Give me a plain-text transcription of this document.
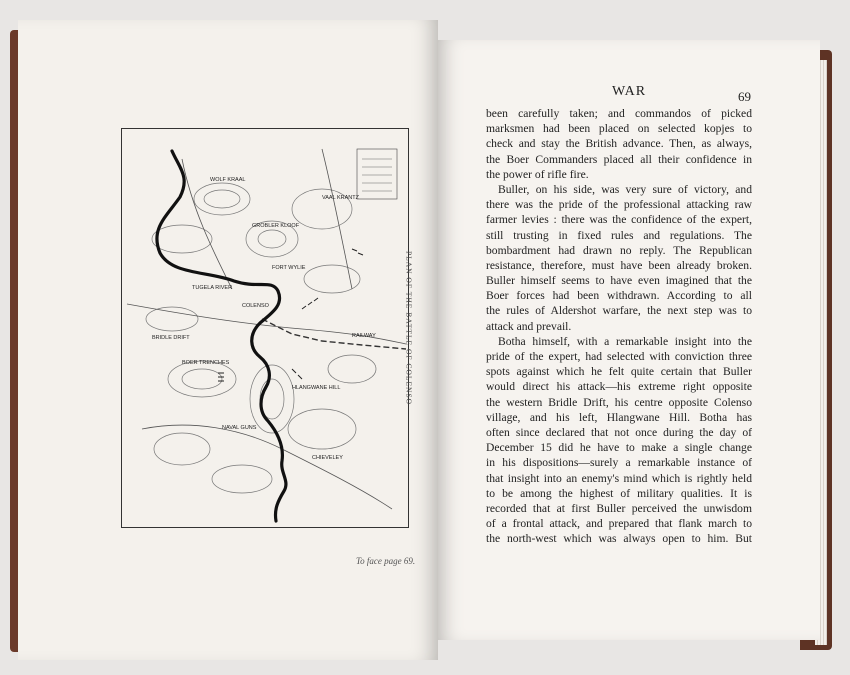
WOLF KRAAL
GROBLER KLOOF
VAAL KRANTZ
FORT WYLIE
COLENSO
BRIDLE DRIFT
HLANGWANE HILL
BOER TRENCHES
CHIEVELEY
TUGELA RIVER
NAVAL GUNS
RAILWAY	PLAN OF THE BATTLE OF COLENSO
To face page 69.
WAR	69
been carefully taken; and commandos of picked
marksmen had been placed on selected kopjes to
check and stay the British advance. Then, as always,
the Boer Commanders placed all their confidence in
the power of rifle fire.
Buller, on his side, was very sure of victory, and
there was the pride of the professional attacking raw
farmer levies : there was the confidence of the expert,
still trusting in fixed rules and regulations. The
bombardment had drawn no reply. The Republican
resistance, therefore, must have been already broken.
Buller himself seems to have even imagined that the
Boer forces had been withdrawn. According to all
the rules of Aldershot warfare, the next step was to
attack and prevail.
Botha himself, with a remarkable insight into the
pride of the expert, had selected with conviction three
spots against which he felt quite certain that Buller
would direct his attack—his extreme right opposite
the western Bridle Drift, his centre opposite Colenso
village, and his left, Hlangwane Hill. Botha has
often since declared that not once during the day of
December 15 did he have to make a single change
in his dispositions—surely a remarkable instance of
that insight into an enemy's mind which is rightly held
to be among the highest of military qualities. It is
recorded that at first Buller perceived the unwisdom
of a frontal attack, and prepared that flank march to
the north-west which was always open to him. But
